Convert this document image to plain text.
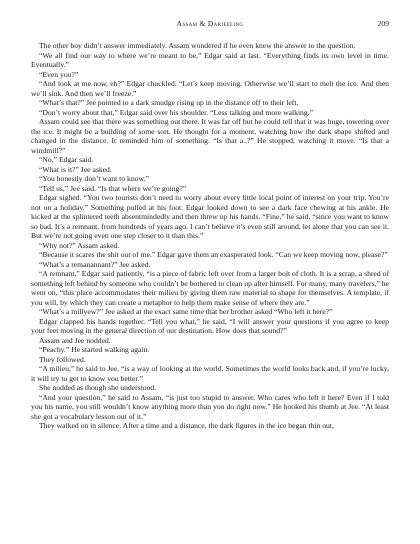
Assam & Darjeeling	209

The other boy didn’t answer immediately. Assam wondered if he even knew the answer to the question.

“We all find our way to where we’re meant to be,” Edgar said at last. “Everything finds its own level in time. Eventually.”

“Even you?”

“And look at me now, eh?” Edgar chuckled. “Let’s keep moving. Otherwise we’ll start to melt the ice. And then we’ll sink. And then we’ll freeze.”

“What’s that?” Jee pointed to a dark smudge rising up in the distance off to their left.

“Don’t worry about that,” Edgar said over his shoulder. “Less talking and more walking.”

Assam could see that there was something out there. It was far off but he could tell that it was huge, towering over the ice. It might be a building of some sort. He thought for a moment, watching how the dark shape shifted and changed in the distance. It reminded him of something. “Is that a..?” He stopped, watching it move. “Is that a windmill?”

“No,” Edgar said.

“What is it?” Jee asked.

“You honestly don’t want to know.”

“Tell us,” Jee said. “Is that where we’re going?”

Edgar sighed. “You two tourists don’t need to worry about every little local point of interest on your trip. You’re not on a holiday.” Something pulled at his foot. Edgar looked down to see a dark face chewing at his ankle. He kicked at the splintered teeth absentmindedly and then threw up his hands. “Fine,” he said, “since you want to know so bad. It’s a remnant, from hundreds of years ago. I can’t believe it’s even still around, let alone that you can see it. But we’re not going even one step closer to it than this.”

“Why not?” Assam asked.

“Because it scares the shit out of me.” Edgar gave them an exasperated look. “Can we keep moving now, please?”

“What’s a remanannant?” Jee asked.

“A remnant,” Edgar said patiently, “is a piece of fabric left over from a larger bolt of cloth. It is a scrap, a shred of something left behind by someone who couldn’t be bothered to clean up after himself. For many, many travelers,” he went on, “this place accommodates their milieu by giving them raw material to shape for themselves. A template, if you will, by which they can create a metaphor to help them make sense of where they are.”

“What’s a millyew?” Jee asked at the exact same time that her brother asked “Who left it here?”

Edgar clapped his hands together. “Tell you what,” he said, “I will answer your questions if you agree to keep your feet moving in the general direction of our destination. How does that sound?”

Assam and Jee nodded.

“Peachy.” He started walking again.

They followed.

“A milieu,” he said to Jee, “is a way of looking at the world. Sometimes the world looks back and, if you’re lucky, it will try to get to know you better.”

She nodded as though she understood.

“And your question,” he said to Assam, “is just too stupid to answer. Who cares who left it here? Even if I told you his name, you still wouldn’t know anything more than you do right now.” He hooked his thumb at Jee. “At least she got a vocabulary lesson out of it.”

They walked on in silence. After a time and a distance, the dark figures in the ice began thin out,
